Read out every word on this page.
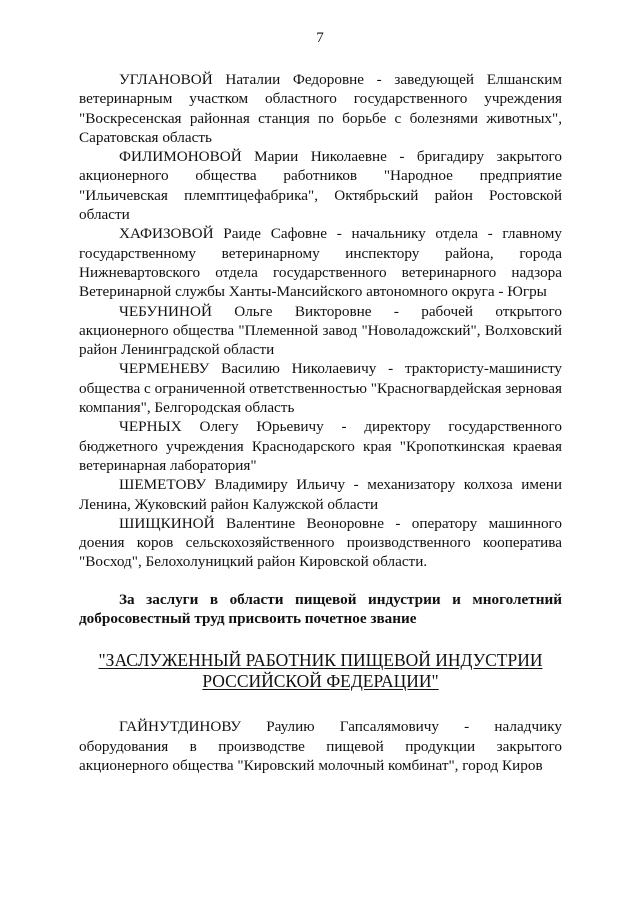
7

УГЛАНОВОЙ Наталии Федоровне - заведующей Елшанским ветеринарным участком областного государственного учреждения "Воскресенская районная станция по борьбе с болезнями животных", Саратовская область

ФИЛИМОНОВОЙ Марии Николаевне - бригадиру закрытого акционерного общества работников "Народное предприятие "Ильичевская племптицефабрика", Октябрьский район Ростовской области

ХАФИЗОВОЙ Раиде Сафовне - начальнику отдела - главному государственному ветеринарному инспектору района, города Нижневартовского отдела государственного ветеринарного надзора Ветеринарной службы Ханты-Мансийского автономного округа - Югры

ЧЕБУНИНОЙ Ольге Викторовне - рабочей открытого акционерного общества "Племенной завод "Новоладожский", Волховский район Ленинградской области

ЧЕРМЕНЕВУ Василию Николаевичу - трактористу-машинисту общества с ограниченной ответственностью "Красногвардейская зерновая компания", Белгородская область

ЧЕРНЫХ Олегу Юрьевичу - директору государственного бюджетного учреждения Краснодарского края "Кропоткинская краевая ветеринарная лаборатория"

ШЕМЕТОВУ Владимиру Ильичу - механизатору колхоза имени Ленина, Жуковский район Калужской области

ШИЩКИНОЙ Валентине Веоноровне - оператору машинного доения коров сельскохозяйственного производственного кооператива "Восход", Белохолуницкий район Кировской области.

За заслуги в области пищевой индустрии и многолетний добросовестный труд присвоить почетное звание

"ЗАСЛУЖЕННЫЙ РАБОТНИК ПИЩЕВОЙ ИНДУСТРИИ
РОССИЙСКОЙ ФЕДЕРАЦИИ"

ГАЙНУТДИНОВУ Раулию Гапсалямовичу - наладчику оборудования в производстве пищевой продукции закрытого акционерного общества "Кировский молочный комбинат", город Киров
